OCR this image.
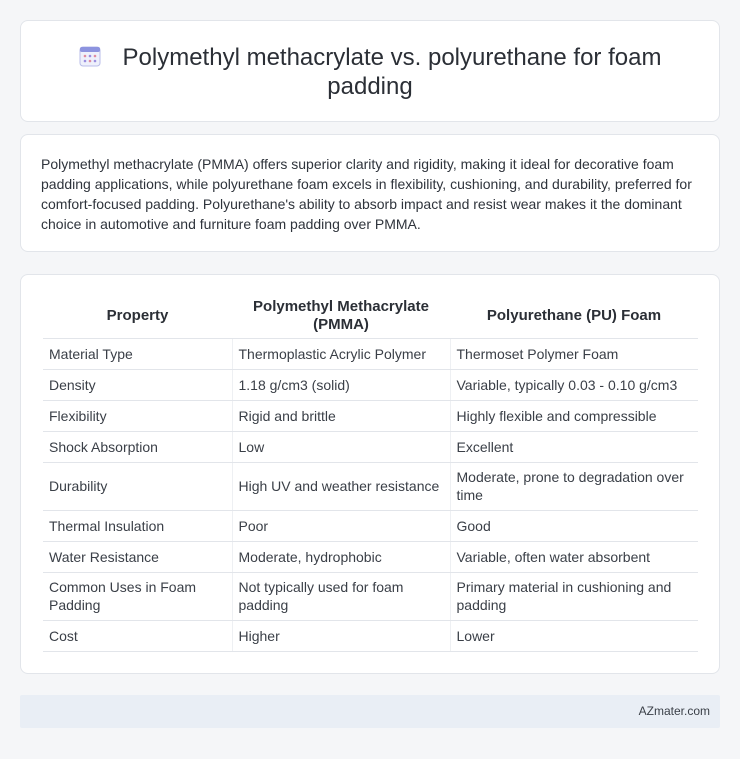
Polymethyl methacrylate vs. polyurethane for foam padding

Polymethyl methacrylate (PMMA) offers superior clarity and rigidity, making it ideal for decorative foam padding applications, while polyurethane foam excels in flexibility, cushioning, and durability, preferred for comfort-focused padding. Polyurethane's ability to absorb impact and resist wear makes it the dominant choice in automotive and furniture foam padding over PMMA.

Property	Polymethyl Methacrylate (PMMA)	Polyurethane (PU) Foam
Material Type	Thermoplastic Acrylic Polymer	Thermoset Polymer Foam
Density	1.18 g/cm3 (solid)	Variable, typically 0.03 - 0.10 g/cm3
Flexibility	Rigid and brittle	Highly flexible and compressible
Shock Absorption	Low	Excellent
Durability	High UV and weather resistance	Moderate, prone to degradation over time
Thermal Insulation	Poor	Good
Water Resistance	Moderate, hydrophobic	Variable, often water absorbent
Common Uses in Foam Padding	Not typically used for foam padding	Primary material in cushioning and padding
Cost	Higher	Lower
AZmater.com
